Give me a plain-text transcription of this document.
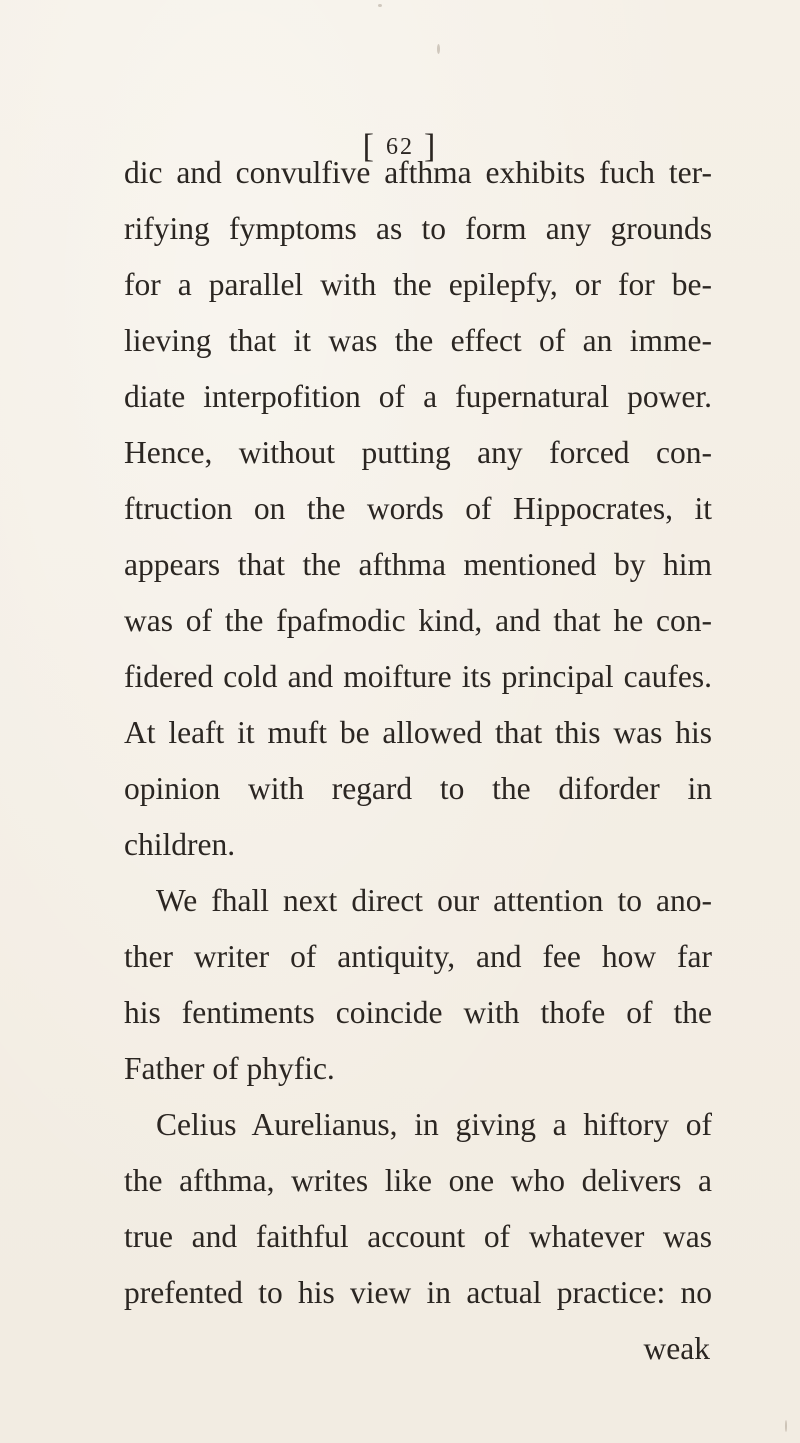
[ 62 ]
dic and convulfive afthma exhibits fuch ter-
rifying fymptoms as to form any grounds
for a parallel with the epilepfy, or for be-
lieving that it was the effect of an imme-
diate interpofition of a fupernatural power.
Hence, without putting any forced con-
ftruction on the words of Hippocrates, it
appears that the afthma mentioned by him
was of the fpafmodic kind, and that he con-
fidered cold and moifture its principal caufes.
At leaft it muft be allowed that this was his
opinion with regard to the diforder in
children.
We fhall next direct our attention to ano-
ther writer of antiquity, and fee how far
his fentiments coincide with thofe of the
Father of phyfic.
Celius Aurelianus, in giving a hiftory of
the afthma, writes like one who delivers a
true and faithful account of whatever was
prefented to his view in actual practice: no
weak
